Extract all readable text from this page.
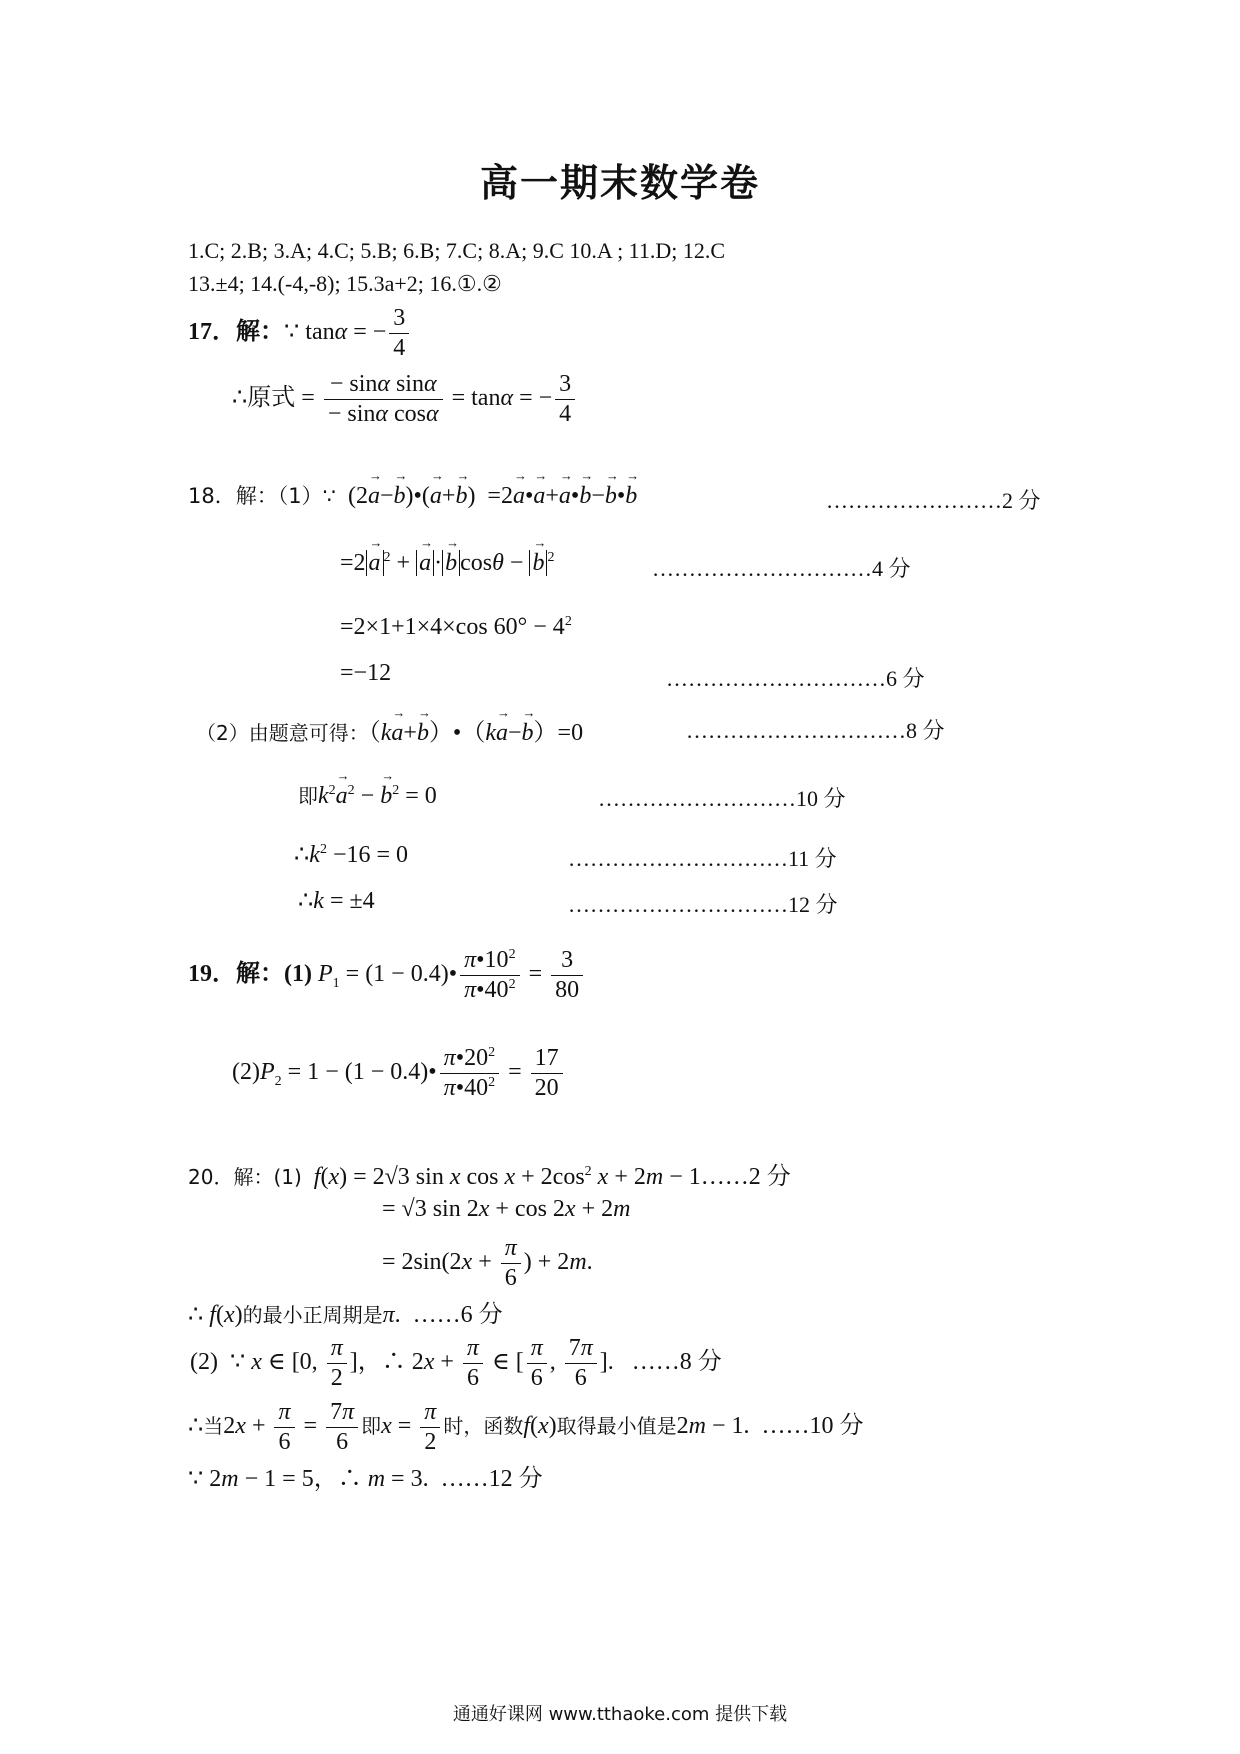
高一期末数学卷
1.C; 2.B; 3.A; 4.C; 5.B; 6.B; 7.C; 8.A; 9.C 10.A ; 11.D; 12.C
13.±4; 14.(-4,-8); 15.3a+2; 16.①.②
17．解：∵ tanα = − $\frac{3}{4}$
∴原式 = $\frac{\text{− sinα sinα}}{\text{− sinα cosα}} = \tan\alpha$ = − $\frac{3}{4}$
18．解：（1）∵  (2→ a−→ b)•(→ a+→ b)  =2→ a•→ a+→ a•→ b−→ b•→ b	……………………2 分
=2 → a $^2$ + → a · → b cosθ − → b $^2$	…………………………4 分
=2×1+1×4×cos $60^\circ - 4^2$
=−12	…………………………6 分
（2）由题意可得：（k→ a+→ b）•（k→ a−→ b）=0	…………………………8 分
即$k^2\to a^2$ − → $b^2 = 0$	………………………10 分
$\therefore k^2 -16 = 0$	…………………………11 分
∴k = ±4	…………………………12 分
19．解：(1) $P_1 = (1$ − 0.4)• $\frac{\pi•10^2}{\pi•40^2} = \frac{3}{80}$
$(2)P_2 = 1 - (1$ − 0.4)• $\frac{\pi•20^2}{\pi•40^2} = \frac{17}{20}$
20．解：(1) f(x) = 2√3 sin x $\cos x + 2\cos^2$ x + 2m − 1……2 分
= √3 sin 2x + cos 2x + 2m
= $2\sin(2x + \frac{\pi}{6}$ ) + 2m.
∴ f(x)的最小正周期是π.  ……6 分
(2)  ∵ x ∈ [0, $\frac{\pi}{2}$ ]，∴ $2x + \frac{\pi}{6}$ ∈ [ $\frac{\pi}{6}$ , $\frac{7\pi}{6}$ ].   ……8 分
∴当$2x + \frac{\pi}{6} = \frac{7\pi}{6}$ 即$x = \frac{\pi}{2}$ 时，函数f(x)取得最小值是2m − 1.  ……10 分
∵ 2m − 1 = 5，∴ m = 3.  ……12 分
通通好课网 www.tthaoke.com 提供下载
